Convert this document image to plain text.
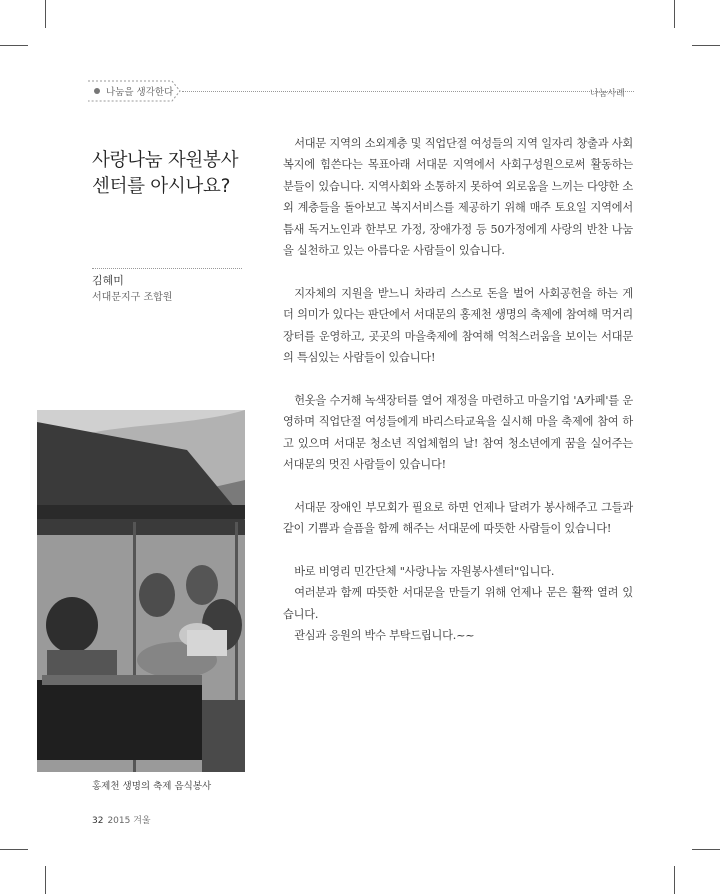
나눔을 생각한다	나눔사례
사랑나눔 자원봉사센터를 아시나요?
김혜미
서대문지구 조합원
홍제천 생명의 축제 음식봉사

서대문 지역의 소외계층 및 직업단절 여성들의 지역 일자리 창출과 사회복지에 힘쓴다는 목표아래 서대문 지역에서 사회구성원으로써 활동하는 분들이 있습니다. 지역사회와 소통하지 못하여 외로움을 느끼는 다양한 소외 계층들을 돌아보고 복지서비스를 제공하기 위해 매주 토요일 지역에서 틈새 독거노인과 한부모 가정, 장애가정 등 50가정에게 사랑의 반찬 나눔을 실천하고 있는 아름다운 사람들이 있습니다.

지자체의 지원을 받느니 차라리 스스로 돈을 벌어 사회공헌을 하는 게 더 의미가 있다는 판단에서 서대문의 홍제천 생명의 축제에 참여해 먹거리 장터를 운영하고, 곳곳의 마을축제에 참여해 억척스러움을 보이는 서대문의 특심있는 사람들이 있습니다!

헌옷을 수거해 녹색장터를 열어 재정을 마련하고 마을기업 'A카페'를 운영하며 직업단절 여성들에게 바리스타교육을 실시해 마을 축제에 참여 하고 있으며 서대문 청소년 직업체험의 날! 참여 청소년에게 꿈을 실어주는 서대문의 멋진 사람들이 있습니다!

서대문 장애인 부모회가 필요로 하면 언제나 달려가 봉사해주고 그들과 같이 기쁨과 슬픔을 함께 해주는 서대문에 따뜻한 사람들이 있습니다!

바로 비영리 민간단체 "사랑나눔 자원봉사센터"입니다.

여러분과 함께 따뜻한 서대문을 만들기 위해 언제나 문은 활짝 열려 있습니다.

관심과 응원의 박수 부탁드립니다.~~

32 2015 겨울
